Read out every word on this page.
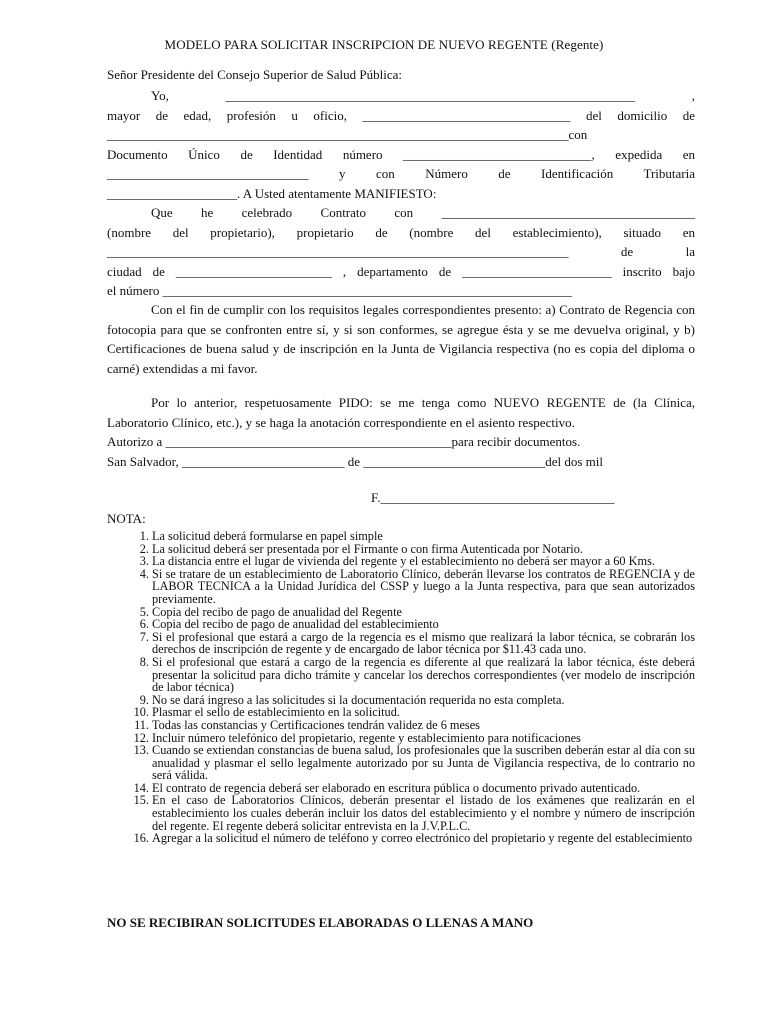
MODELO PARA SOLICITAR INSCRIPCION DE NUEVO REGENTE (Regente)
Señor Presidente del Consejo Superior de Salud Pública:
Yo, _______________________________________________________________ ,
mayor de edad, profesión u oficio, ________________________________ del domicilio de
_______________________________________________________________________con
Documento Único de Identidad número _____________________________, expedida en
_______________________________ y con Número de Identificación Tributaria
____________________. A Usted atentamente MANIFIESTO:
Que he celebrado Contrato con _______________________________________
(nombre del propietario), propietario de (nombre del establecimiento), situado en
_______________________________________________________________________ de la
ciudad de ________________________ , departamento de _______________________ inscrito bajo
el número _______________________________________________________________
Con el fin de cumplir con los requisitos legales correspondientes presento: a) Contrato de Regencia con fotocopia para que se confronten entre sí, y si son conformes, se agregue ésta y se me devuelva original, y b) Certificaciones de buena salud y de inscripción en la Junta de Vigilancia respectiva (no es copia del diploma o carné) extendidas a mi favor.
Por lo anterior, respetuosamente PIDO: se me tenga como NUEVO REGENTE de (la Clínica,
Laboratorio Clínico, etc.), y se haga la anotación correspondiente en el asiento respectivo.
Autorizo a ____________________________________________para recibir documentos.
San Salvador, _________________________ de ____________________________del dos mil
F.____________________________________
NOTA:
1. La solicitud deberá formularse en papel simple
2. La solicitud deberá ser presentada por el Firmante o con firma Autenticada por Notario.
3. La distancia entre el lugar de vivienda del regente y el establecimiento no deberá ser mayor a 60 Kms.
4. Si se tratare de un establecimiento de Laboratorio Clínico, deberán llevarse los contratos de REGENCIA y de LABOR TECNICA a la Unidad Jurídica del CSSP y luego a la Junta respectiva, para que sean autorizados previamente.
5. Copia del recibo de pago de anualidad del Regente
6. Copia del recibo de pago de anualidad del establecimiento
7. Si el profesional que estará a cargo de la regencia es el mismo que realizará la labor técnica, se cobrarán los derechos de inscripción de regente y de encargado de labor técnica por $11.43 cada uno.
8. Si el profesional que estará a cargo de la regencia es diferente al que realizará la labor técnica, éste deberá presentar la solicitud para dicho trámite y cancelar los derechos correspondientes (ver modelo de inscripción de labor técnica)
9. No se dará ingreso a las solicitudes si la documentación requerida no esta completa.
10. Plasmar el sello de establecimiento en la solicitud.
11. Todas las constancias y Certificaciones tendrán validez de 6 meses
12. Incluir número telefónico del propietario, regente y establecimiento para notificaciones
13. Cuando se extiendan constancias de buena salud, los profesionales que la suscriben deberán estar al día con su anualidad y plasmar el sello legalmente autorizado por su Junta de Vigilancia respectiva, de lo contrario no será válida.
14. El contrato de regencia deberá ser elaborado en escritura pública o documento privado autenticado.
15. En el caso de Laboratorios Clínicos, deberán presentar el listado de los exámenes que realizarán en el establecimiento los cuales deberán incluir los datos del establecimiento y el nombre y número de inscripción del regente. El regente deberá solicitar entrevista en la J.V.P.L.C.
16. Agregar a la solicitud el número de teléfono y correo electrónico del propietario y regente del establecimiento
NO SE RECIBIRAN SOLICITUDES ELABORADAS O LLENAS A MANO
